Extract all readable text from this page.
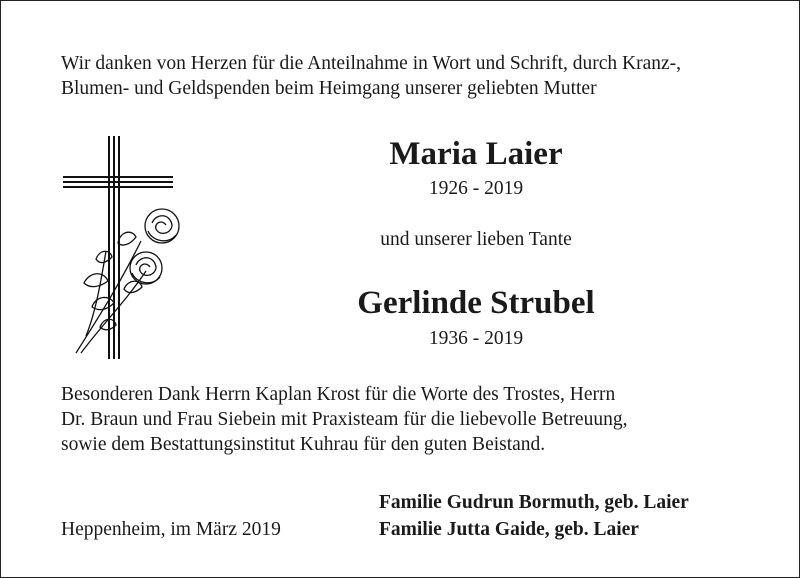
Wir danken von Herzen für die Anteilnahme in Wort und Schrift, durch Kranz-,
Blumen- und Geldspenden beim Heimgang unserer geliebten Mutter
Maria Laier
1926 - 2019
und unserer lieben Tante
Gerlinde Strubel
1936 - 2019
Besonderen Dank Herrn Kaplan Krost für die Worte des Trostes, Herrn
Dr. Braun und Frau Siebein mit Praxisteam für die liebevolle Betreuung,
sowie dem Bestattungsinstitut Kuhrau für den guten Beistand.
Heppenheim, im März 2019
Familie Gudrun Bormuth, geb. Laier
Familie Jutta Gaide, geb. Laier
